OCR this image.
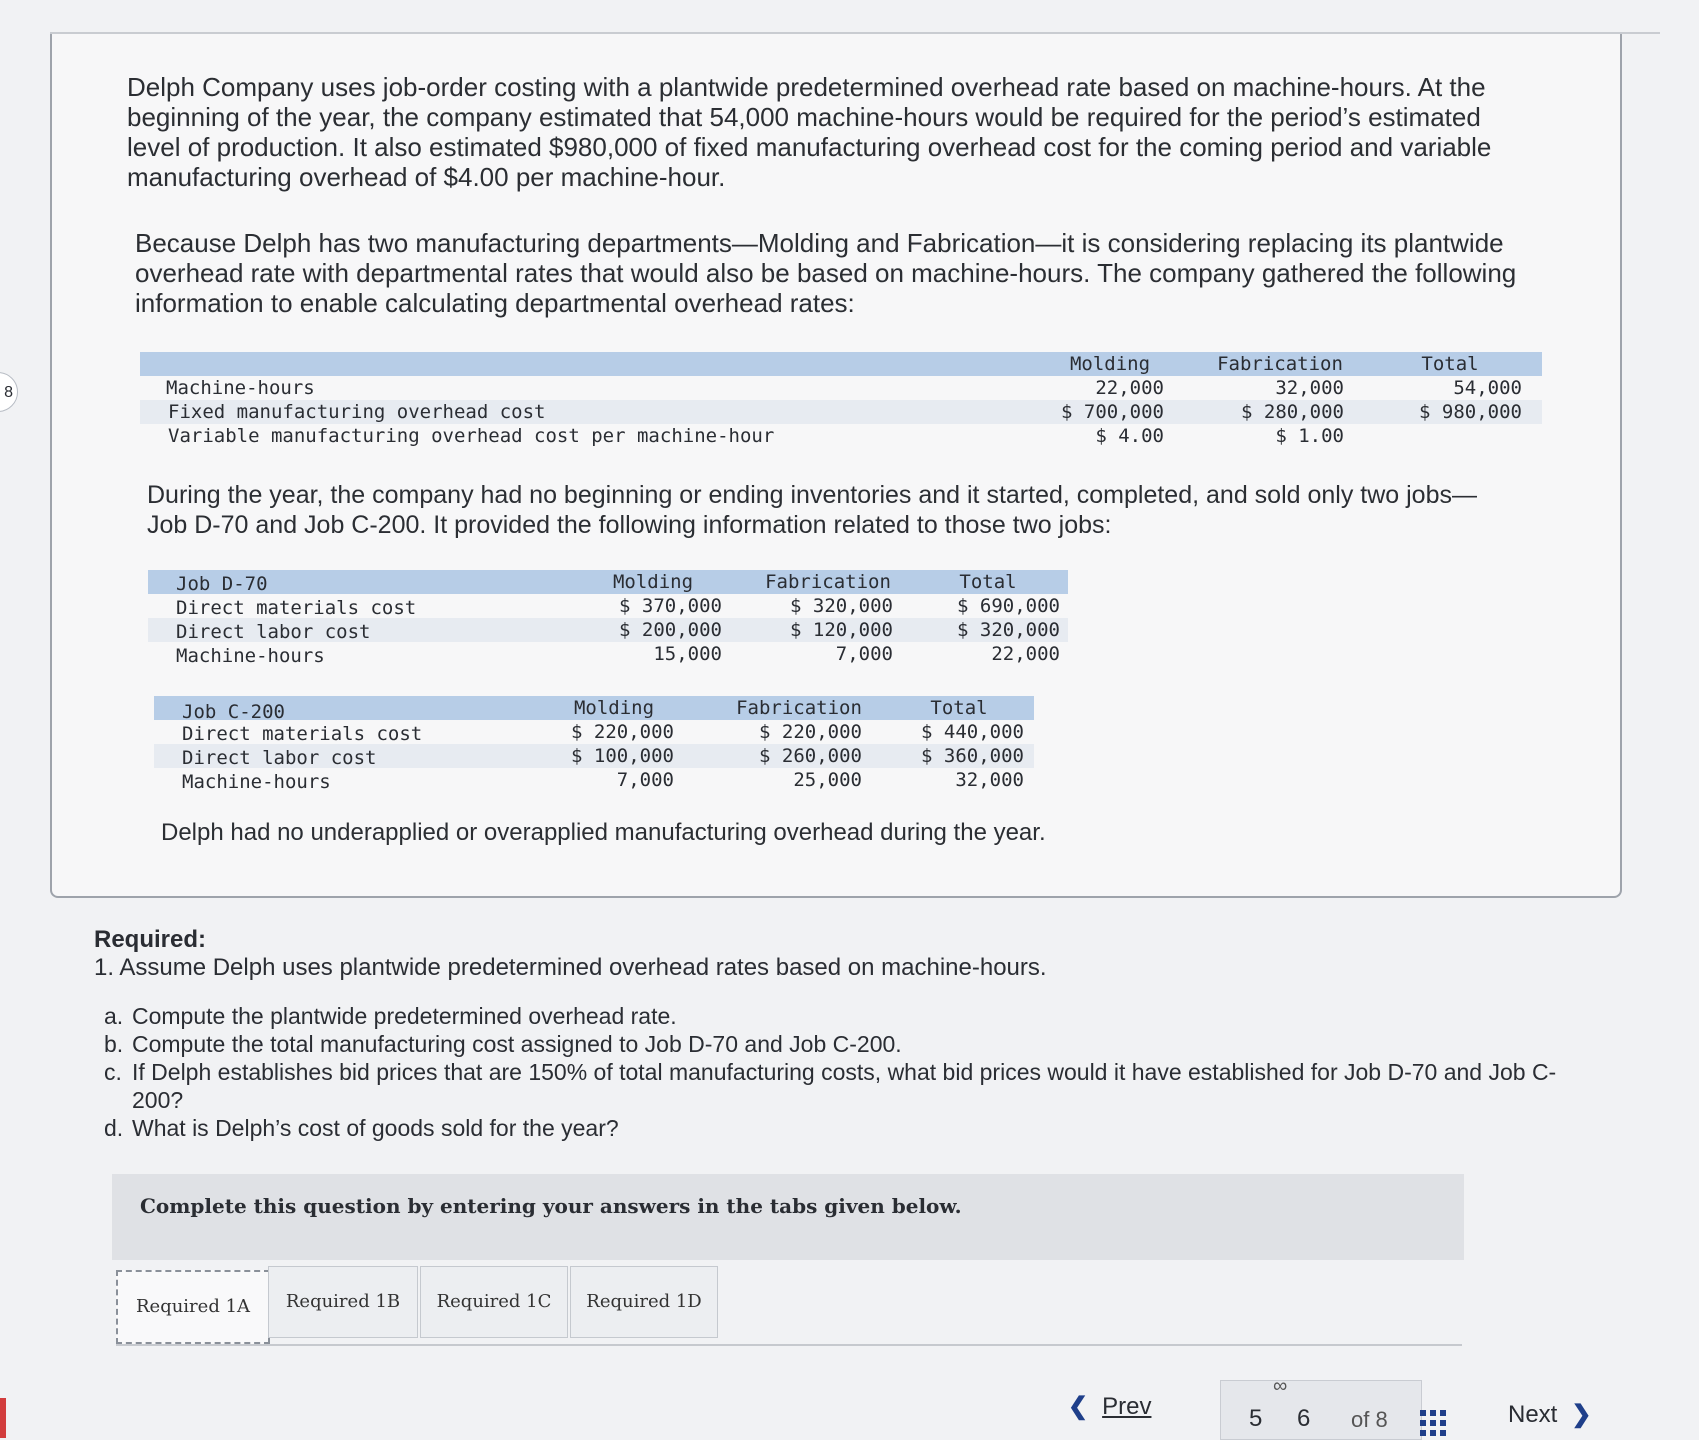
8
Delph Company uses job-order costing with a plantwide predetermined overhead rate based on machine-hours. At the
beginning of the year, the company estimated that 54,000 machine-hours would be required for the period’s estimated
level of production. It also estimated $980,000 of fixed manufacturing overhead cost for the coming period and variable
manufacturing overhead of $4.00 per machine-hour.
Because Delph has two manufacturing departments—Molding and Fabrication—it is considering replacing its plantwide
overhead rate with departmental rates that would also be based on machine-hours. The company gathered the following
information to enable calculating departmental overhead rates:
Molding	Fabrication	Total
Machine-hours	22,000	32,000	54,000
Fixed manufacturing overhead cost	$ 700,000	$ 280,000	$ 980,000
Variable manufacturing overhead cost per machine-hour	$ 4.00	$ 1.00
During the year, the company had no beginning or ending inventories and it started, completed, and sold only two jobs—
Job D-70 and Job C-200. It provided the following information related to those two jobs:
Job D-70	Molding	Fabrication	Total
Direct materials cost	$ 370,000	$ 320,000	$ 690,000
Direct labor cost	$ 200,000	$ 120,000	$ 320,000
Machine-hours	15,000	7,000	22,000
Job C-200	Molding	Fabrication	Total
Direct materials cost	$ 220,000	$ 220,000	$ 440,000
Direct labor cost	$ 100,000	$ 260,000	$ 360,000
Machine-hours	7,000	25,000	32,000
Delph had no underapplied or overapplied manufacturing overhead during the year.
Required:
1. Assume Delph uses plantwide predetermined overhead rates based on machine-hours.
a. Compute the plantwide predetermined overhead rate.
b. Compute the total manufacturing cost assigned to Job D-70 and Job C-200.
c. If Delph establishes bid prices that are 150% of total manufacturing costs, what bid prices would it have established for Job D-70 and Job C-200?
d. What is Delph’s cost of goods sold for the year?
Complete this question by entering your answers in the tabs given below.
Required 1A	Required 1B	Required 1C	Required 1D
❮ Prev
∞
5 6 of 8	Next ❯
